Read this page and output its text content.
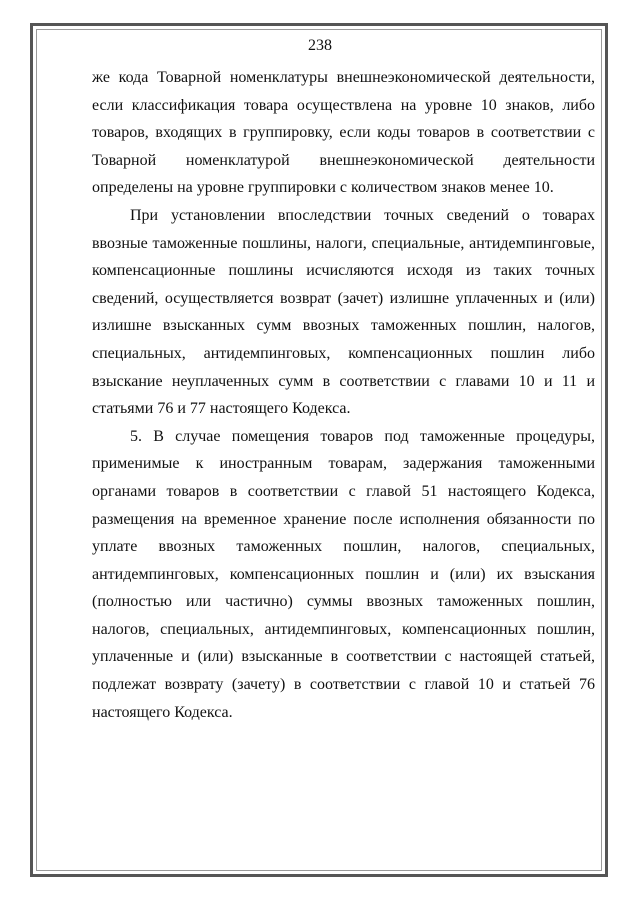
238

же кода Товарной номенклатуры внешнеэкономической деятельности, если классификация товара осуществлена на уровне 10 знаков, либо товаров, входящих в группировку, если коды товаров в соответствии с Товарной номенклатурой внешнеэкономической деятельности определены на уровне группировки с количеством знаков менее 10.

При установлении впоследствии точных сведений о товарах ввозные таможенные пошлины, налоги, специальные, антидемпинговые, компенсационные пошлины исчисляются исходя из таких точных сведений, осуществляется возврат (зачет) излишне уплаченных и (или) излишне взысканных сумм ввозных таможенных пошлин, налогов, специальных, антидемпинговых, компенсационных пошлин либо взыскание неуплаченных сумм в соответствии с главами 10 и 11 и статьями 76 и 77 настоящего Кодекса.

5. В случае помещения товаров под таможенные процедуры, применимые к иностранным товарам, задержания таможенными органами товаров в соответствии с главой 51 настоящего Кодекса, размещения на временное хранение после исполнения обязанности по уплате ввозных таможенных пошлин, налогов, специальных, антидемпинговых, компенсационных пошлин и (или) их взыскания (полностью или частично) суммы ввозных таможенных пошлин, налогов, специальных, антидемпинговых, компенсационных пошлин, уплаченные и (или) взысканные в соответствии с настоящей статьей, подлежат возврату (зачету) в соответствии с главой 10 и статьей 76 настоящего Кодекса.
